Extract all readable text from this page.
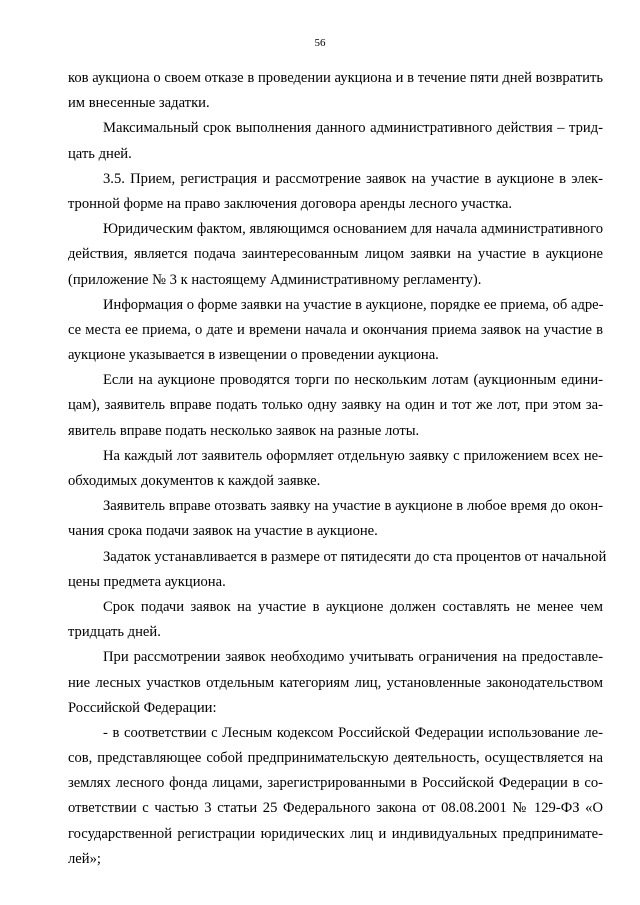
56
ков аукциона о своем отказе в проведении аукциона и в течение пяти дней возвратить
им внесенные задатки.
Максимальный срок выполнения данного административного действия – трид-
цать дней.
3.5. Прием, регистрация и рассмотрение заявок на участие в аукционе в элек-
тронной форме на право заключения договора аренды лесного участка.
Юридическим фактом, являющимся основанием для начала административного
действия, является подача заинтересованным лицом заявки на участие в аукционе
(приложение № 3 к настоящему Административному регламенту).
Информация о форме заявки на участие в аукционе, порядке ее приема, об адре-
се места ее приема, о дате и времени начала и окончания приема заявок на участие в
аукционе указывается в извещении о проведении аукциона.
Если на аукционе проводятся торги по нескольким лотам (аукционным едини-
цам), заявитель вправе подать только одну заявку на один и тот же лот, при этом за-
явитель вправе подать несколько заявок на разные лоты.
На каждый лот заявитель оформляет отдельную заявку с приложением всех не-
обходимых документов к каждой заявке.
Заявитель вправе отозвать заявку на участие в аукционе в любое время до окон-
чания срока подачи заявок на участие в аукционе.
Задаток устанавливается в размере от пятидесяти до ста процентов от начальной
цены предмета аукциона.
Срок подачи заявок на участие в аукционе должен составлять не менее чем
тридцать дней.
При рассмотрении заявок необходимо учитывать ограничения на предоставле-
ние лесных участков отдельным категориям лиц, установленные законодательством
Российской Федерации:
- в соответствии с Лесным кодексом Российской Федерации использование ле-
сов, представляющее собой предпринимательскую деятельность, осуществляется на
землях лесного фонда лицами, зарегистрированными в Российской Федерации в со-
ответствии с частью 3 статьи 25 Федерального закона от 08.08.2001 № 129-ФЗ «О
государственной регистрации юридических лиц и индивидуальных предпринимате-
лей»;
